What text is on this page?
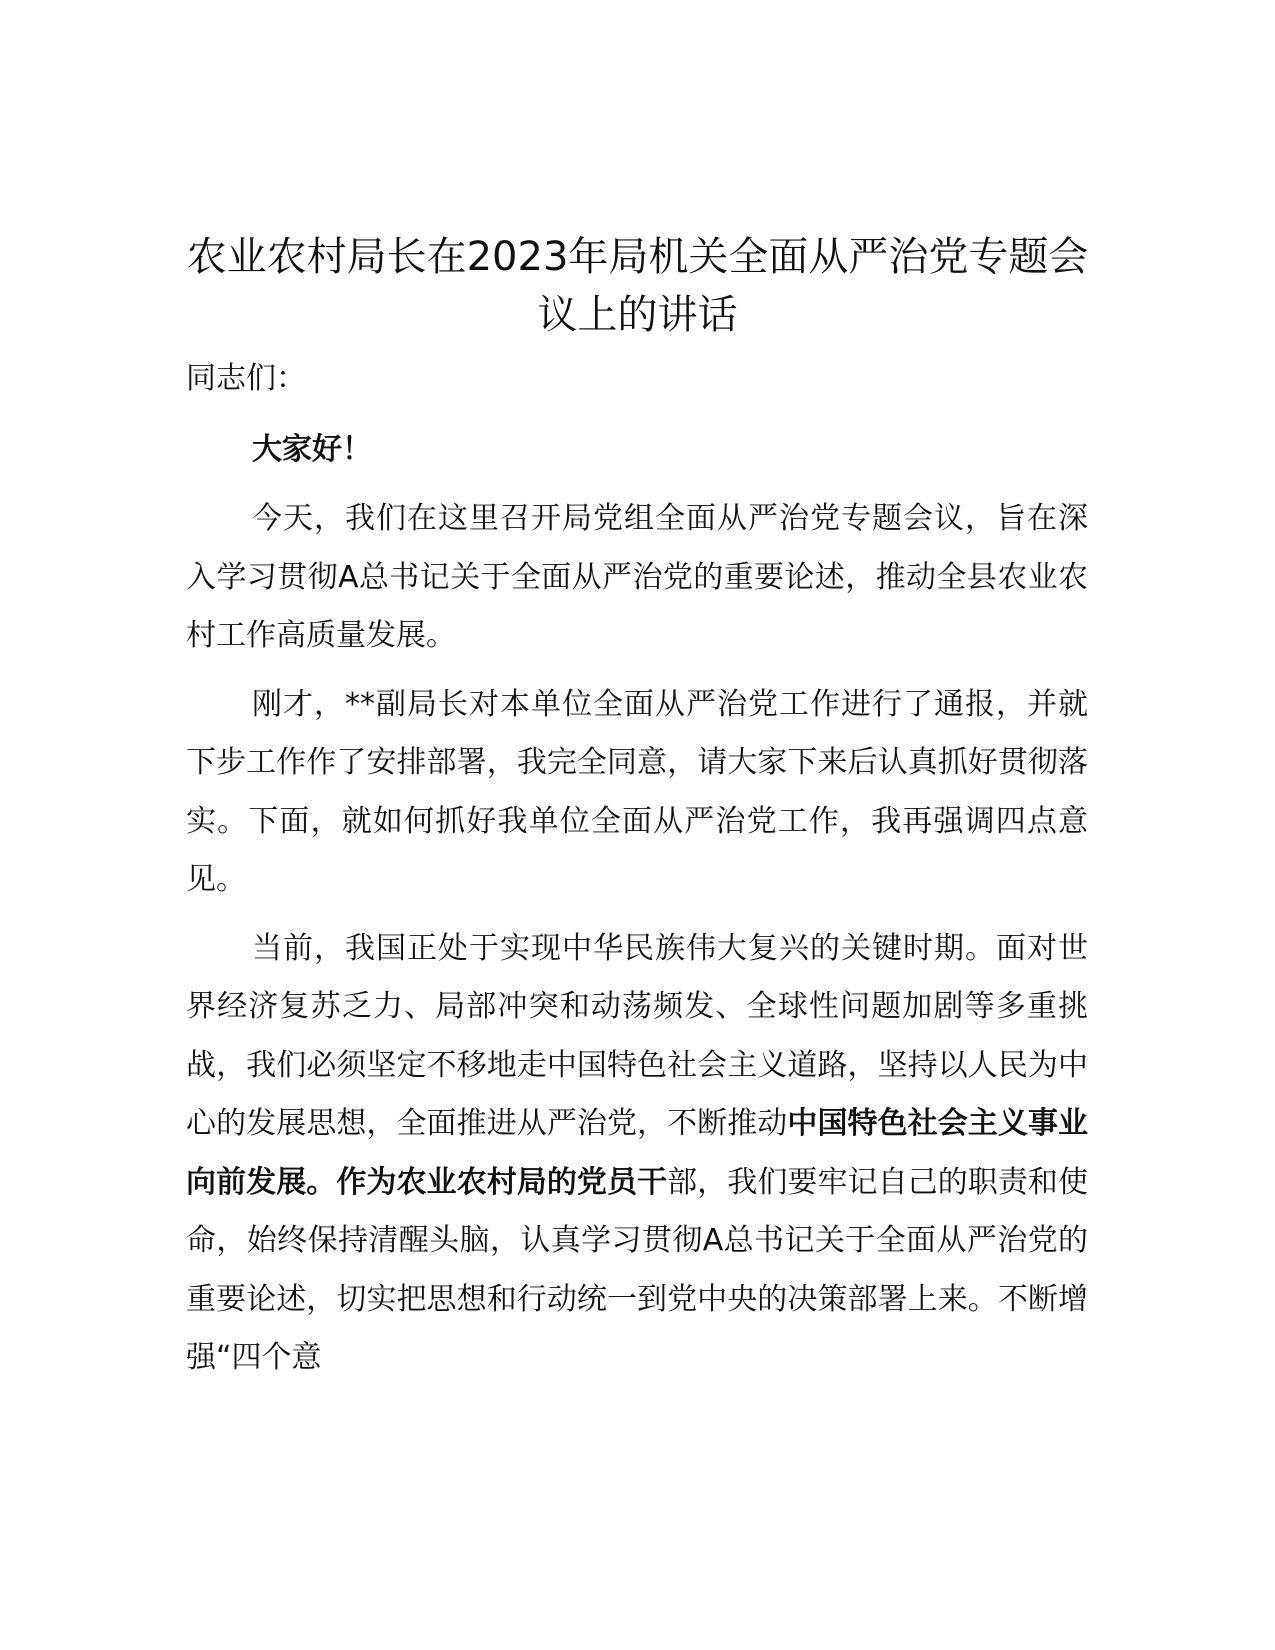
农业农村局长在2023年局机关全面从严治党专题会议上的讲话

同志们：

大家好！

今天，我们在这里召开局党组全面从严治党专题会议，旨在深入学习贯彻A总书记关于全面从严治党的重要论述，推动全县农业农村工作高质量发展。

刚才，**副局长对本单位全面从严治党工作进行了通报，并就下步工作作了安排部署，我完全同意，请大家下来后认真抓好贯彻落实。下面，就如何抓好我单位全面从严治党工作，我再强调四点意见。

当前，我国正处于实现中华民族伟大复兴的关键时期。面对世界经济复苏乏力、局部冲突和动荡频发、全球性问题加剧等多重挑战，我们必须坚定不移地走中国特色社会主义道路，坚持以人民为中心的发展思想，全面推进从严治党，不断推动中国特色社会主义事业向前发展。作为农业农村局的党员干部，我们要牢记自己的职责和使命，始终保持清醒头脑，认真学习贯彻A总书记关于全面从严治党的重要论述，切实把思想和行动统一到党中央的决策部署上来。不断增强“四个意
